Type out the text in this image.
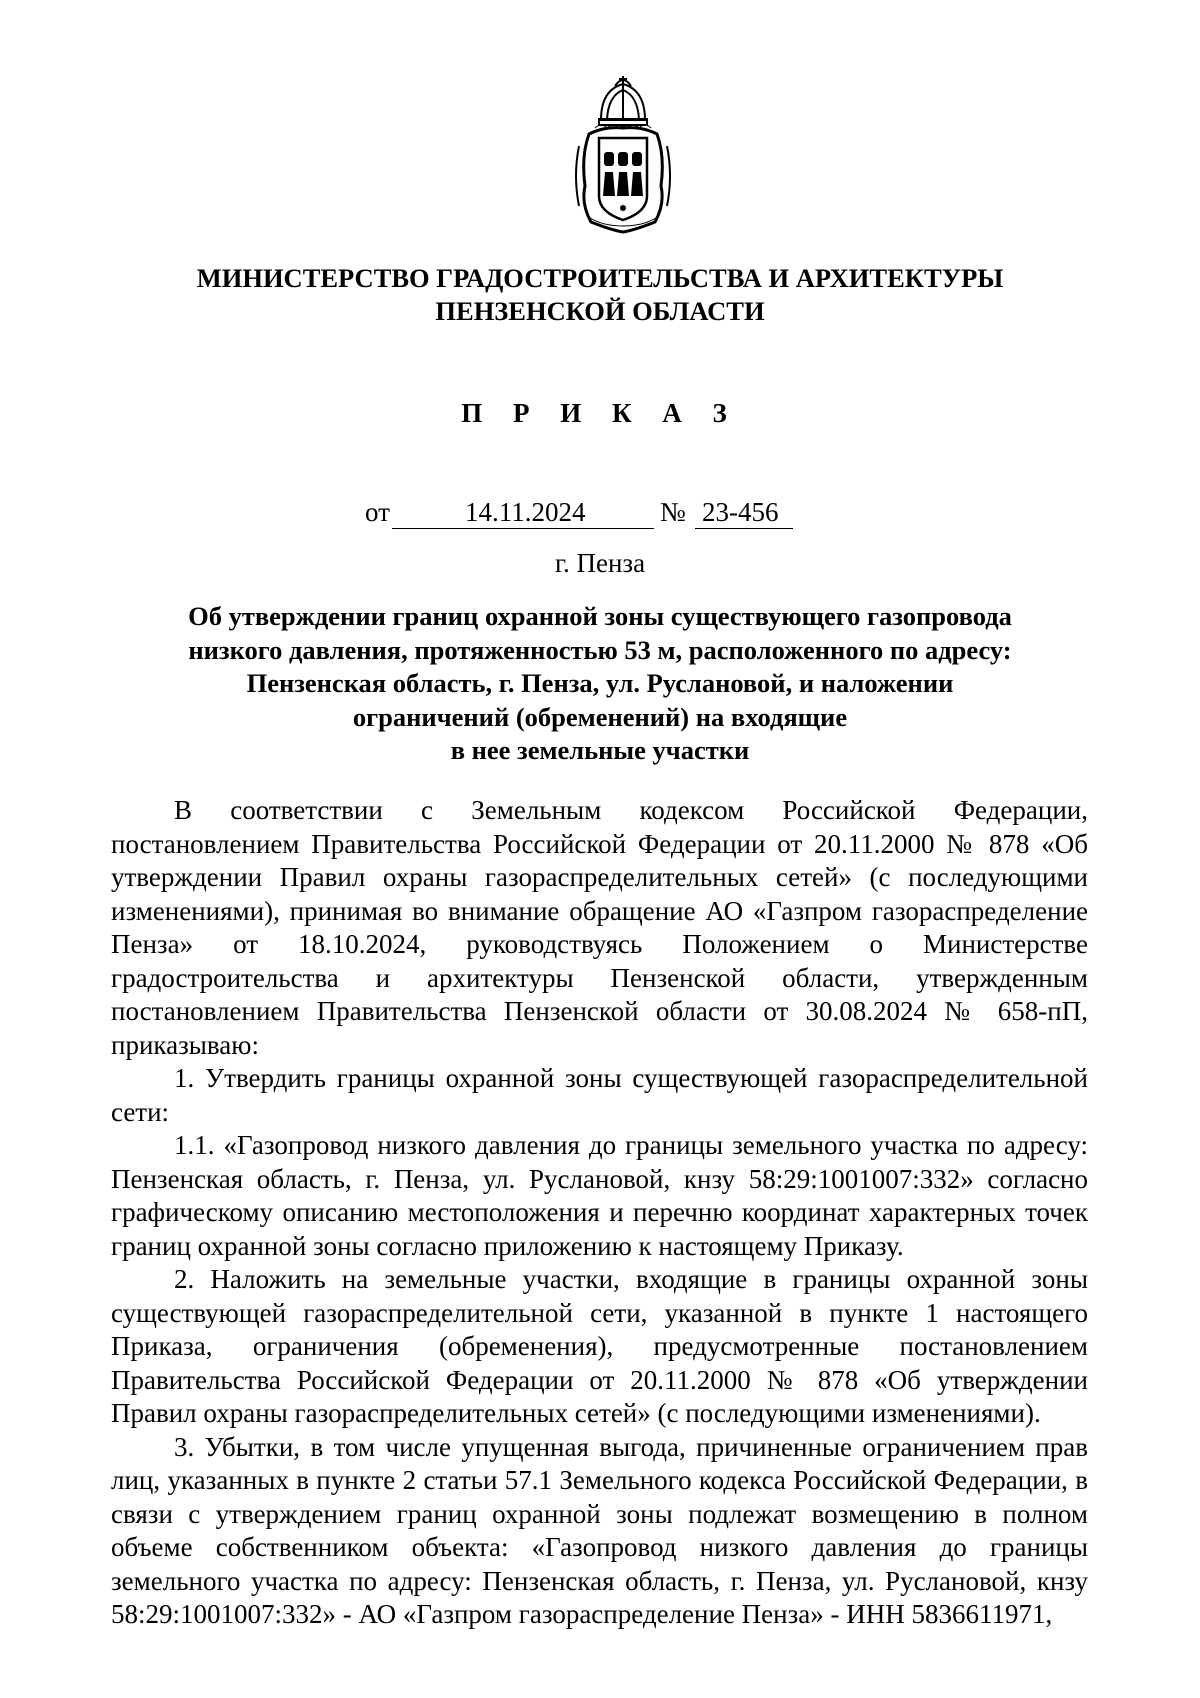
МИНИСТЕРСТВО ГРАДОСТРОИТЕЛЬСТВА И АРХИТЕКТУРЫ
ПЕНЗЕНСКОЙ ОБЛАСТИ
П Р И К А З
от	14.11.2024	№ 23-456
г. Пенза
Об утверждении границ охранной зоны существующего газопровода
низкого давления, протяженностью 53 м, расположенного по адресу:
Пензенская область, г. Пенза, ул. Руслановой, и наложении
ограничений (обременений) на входящие
в нее земельные участки

В соответствии с Земельным кодексом Российской Федерации, постановлением Правительства Российской Федерации от 20.11.2000 № 878 «Об утверждении Правил охраны газораспределительных сетей» (с последующими изменениями), принимая во внимание обращение АО «Газпром газораспределение Пенза» от 18.10.2024, руководствуясь Положением о Министерстве градостроительства и архитектуры Пензенской области, утвержденным постановлением Правительства Пензенской области от 30.08.2024 № 658-пП, приказываю:

1. Утвердить границы охранной зоны существующей газораспределительной сети:

1.1. «Газопровод низкого давления до границы земельного участка по адресу: Пензенская область, г. Пенза, ул. Руслановой, кнзу 58:29:1001007:332» согласно графическому описанию местоположения и перечню координат характерных точек границ охранной зоны согласно приложению к настоящему Приказу.

2. Наложить на земельные участки, входящие в границы охранной зоны существующей газораспределительной сети, указанной в пункте 1 настоящего Приказа, ограничения (обременения), предусмотренные постановлением Правительства Российской Федерации от 20.11.2000 № 878 «Об утверждении Правил охраны газораспределительных сетей» (с последующими изменениями).

3. Убытки, в том числе упущенная выгода, причиненные ограничением прав лиц, указанных в пункте 2 статьи 57.1 Земельного кодекса Российской Федерации, в связи с утверждением границ охранной зоны подлежат возмещению в полном объеме собственником объекта: «Газопровод низкого давления до границы земельного участка по адресу: Пензенская область, г. Пенза, ул. Руслановой, кнзу 58:29:1001007:332» - АО «Газпром газораспределение Пенза» - ИНН 5836611971,
